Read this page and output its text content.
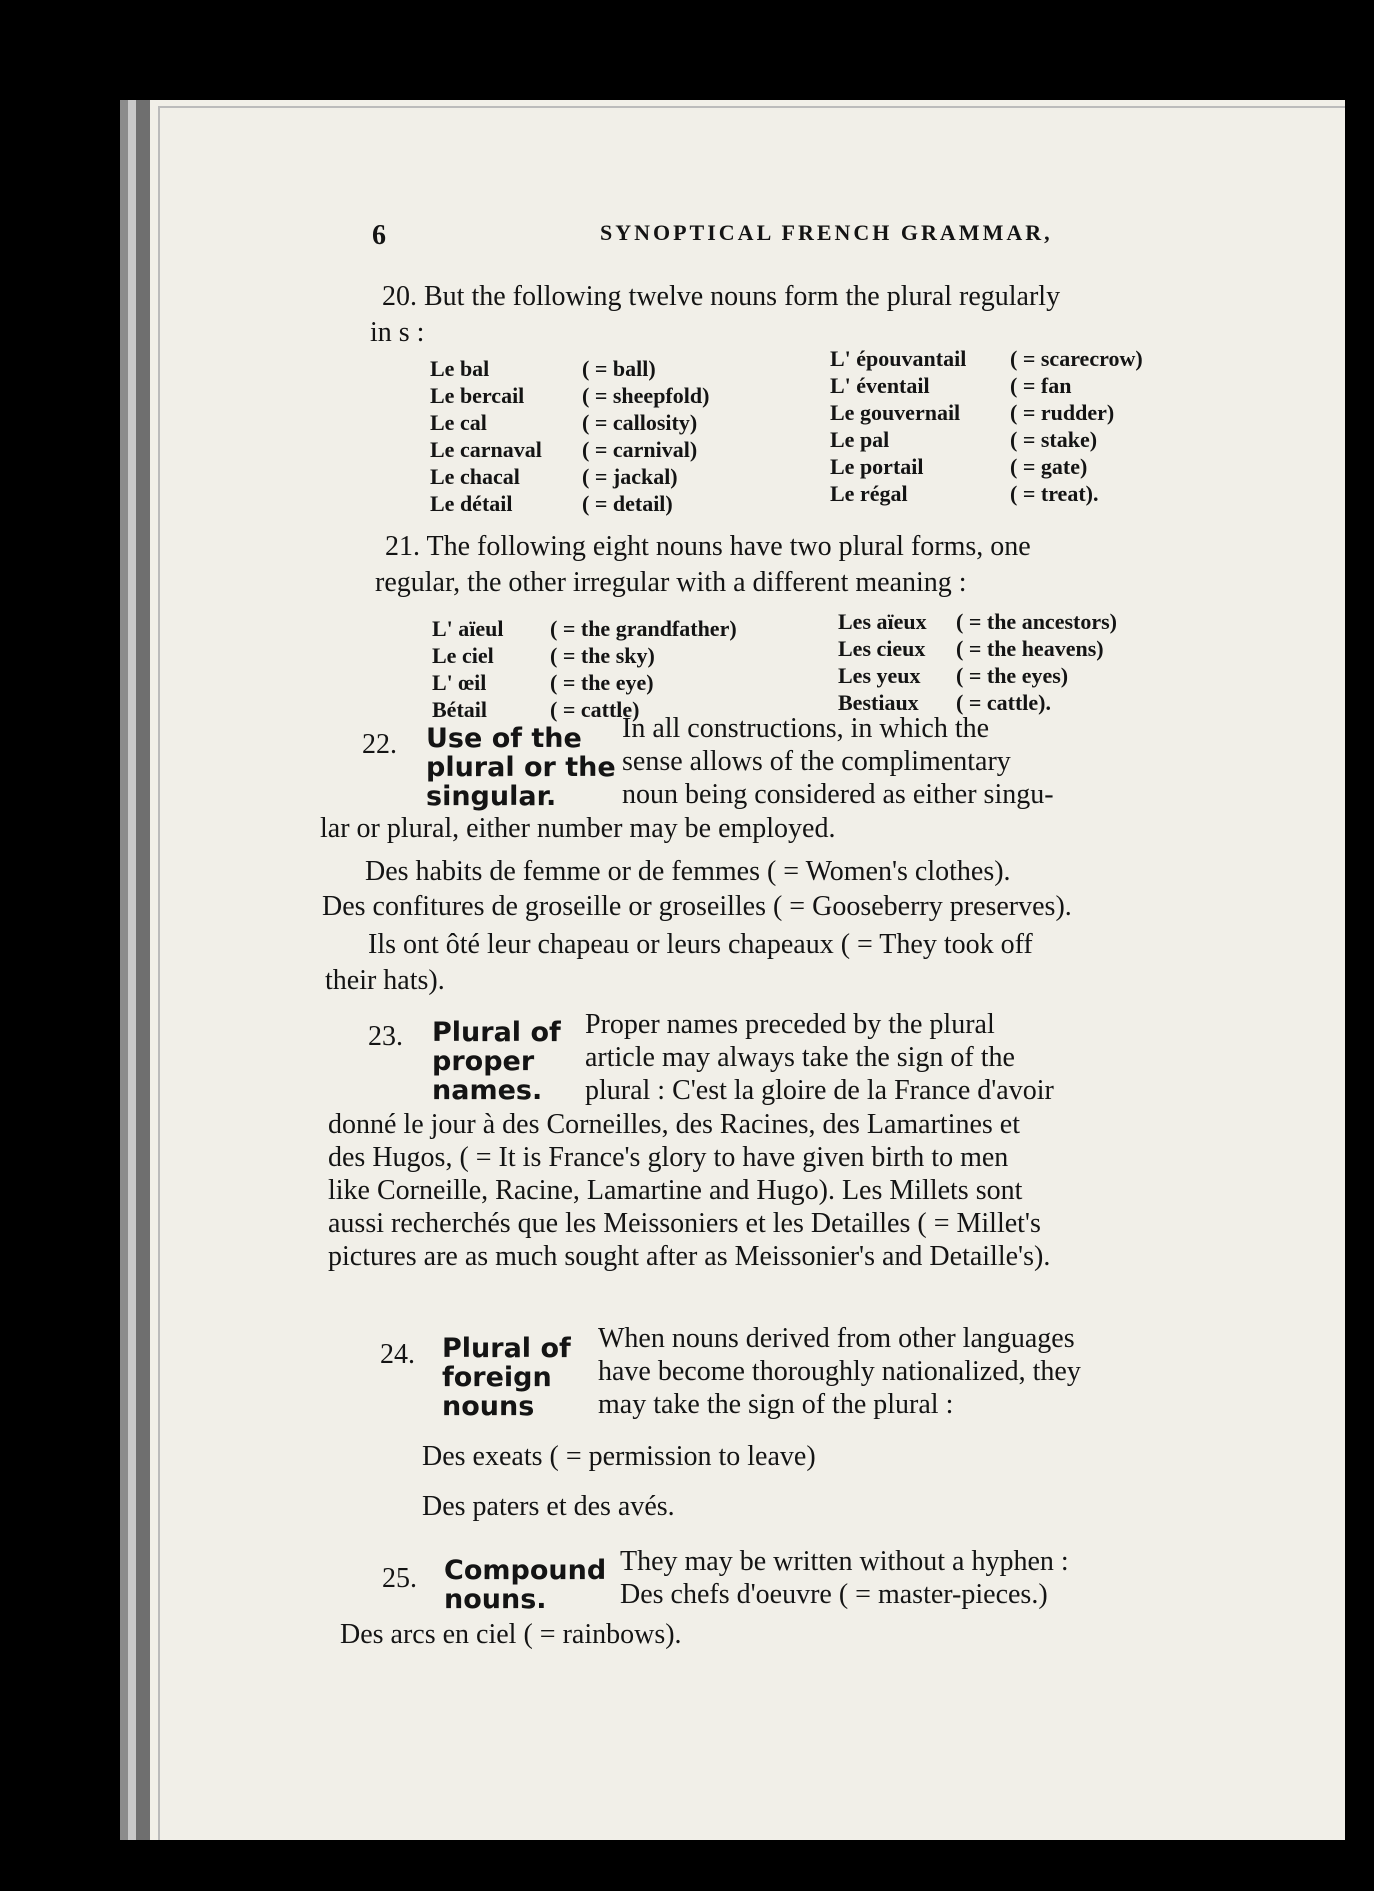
6	SYNOPTICAL FRENCH GRAMMAR,
20. But the following twelve nouns form the plural regularly
in s :
Le bal	( = ball)
Le bercail	( = sheepfold)
Le cal	( = callosity)
Le carnaval	( = carnival)
Le chacal	( = jackal)
Le détail	( = detail)
L' épouvantail	( = scarecrow)
L' éventail	( = fan
Le gouvernail	( = rudder)
Le pal	( = stake)
Le portail	( = gate)
Le régal	( = treat).
21. The following eight nouns have two plural forms, one
regular, the other irregular with a different meaning :
L' aïeul	( = the grandfather)
Le ciel	( = the sky)
L' œil	( = the eye)
Bétail	( = cattle)
Les aïeux	( = the ancestors)
Les cieux	( = the heavens)
Les yeux	( = the eyes)
Bestiaux	( = cattle).
22. Use of the
plural or the
singular.
In all constructions, in which the
sense allows of the complimentary
noun being considered as either singu-
lar or plural, either number may be employed.
Des habits de femme or de femmes ( = Women's clothes).
Des confitures de groseille or groseilles ( = Gooseberry preserves).
Ils ont ôté leur chapeau or leurs chapeaux ( = They took off
their hats).
23. Plural of
proper
names.
Proper names preceded by the plural
article may always take the sign of the
plural : C'est la gloire de la France d'avoir
donné le jour à des Corneilles, des Racines, des Lamartines et
des Hugos, ( = It is France's glory to have given birth to men
like Corneille, Racine, Lamartine and Hugo). Les Millets sont
aussi recherchés que les Meissoniers et les Detailles ( = Millet's
pictures are as much sought after as Meissonier's and Detaille's).
24. Plural of
foreign
nouns
When nouns derived from other languages
have become thoroughly nationalized, they
may take the sign of the plural :
Des exeats ( = permission to leave)
Des paters et des avés.
25. Compound
nouns.
They may be written without a hyphen :
Des chefs d'oeuvre ( = master-pieces.)
Des arcs en ciel ( = rainbows).
